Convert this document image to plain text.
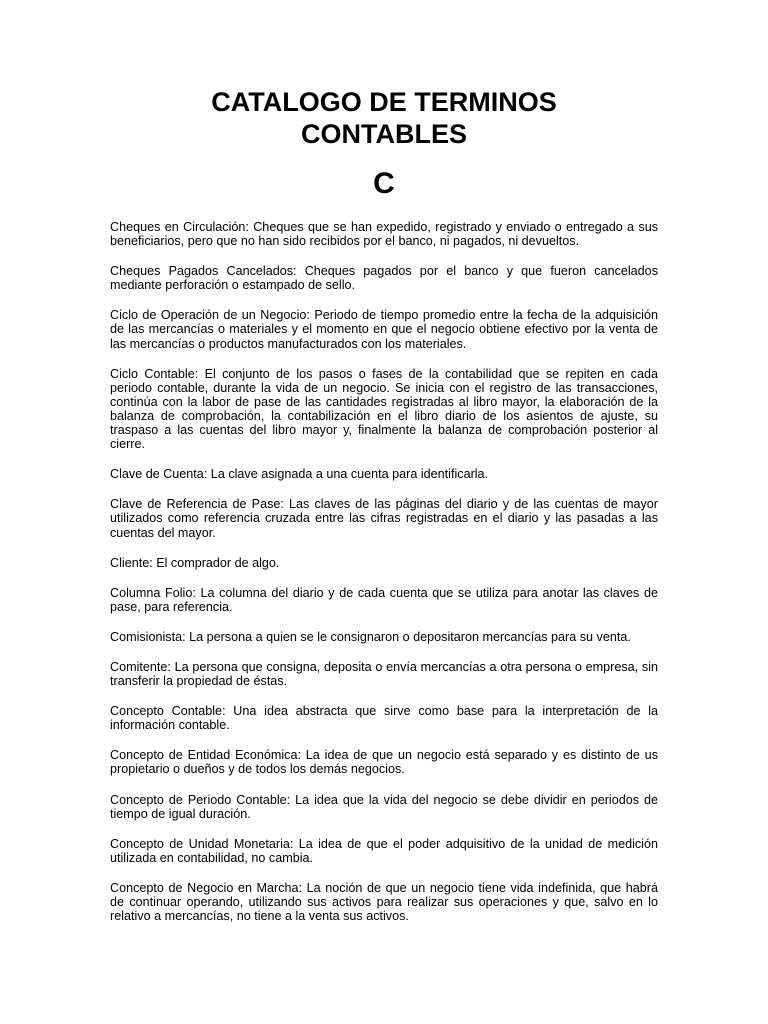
CATALOGO DE TERMINOS
CONTABLES
C

Cheques en Circulación: Cheques que se han expedido, registrado y enviado o entregado a sus beneficiarios, pero que no han sido recibidos por el banco, ni pagados, ni devueltos.

Cheques Pagados Cancelados: Cheques pagados por el banco y que fueron cancelados mediante perforación o estampado de sello.

Ciclo de Operación de un Negocio: Periodo de tiempo promedio entre la fecha de la adquisición de las mercancías o materiales y el momento en que el negocio obtiene efectivo por la venta de las mercancías o productos manufacturados con los materiales.

Ciclo Contable: El conjunto de los pasos o fases de la contabilidad que se repiten en cada periodo contable, durante la vida de un negocio. Se inicia con el registro de las transacciones, continúa con la labor de pase de las cantidades registradas al libro mayor, la elaboración de la balanza de comprobación, la contabilización en el libro diario de los asientos de ajuste, su traspaso a las cuentas del libro mayor y, finalmente la balanza de comprobación posterior al cierre.

Clave de Cuenta: La clave asignada a una cuenta para identificarla.

Clave de Referencia de Pase: Las claves de las páginas del diario y de las cuentas de mayor utilizados como referencia cruzada entre las cifras registradas en el diario y las pasadas a las cuentas del mayor.

Cliente: El comprador de algo.

Columna Folio: La columna del diario y de cada cuenta que se utiliza para anotar las claves de pase, para referencia.

Comisionista: La persona a quien se le consignaron o depositaron mercancías para su venta.

Comitente: La persona que consigna, deposita o envía mercancías a otra persona o empresa, sin transferir la propiedad de éstas.

Concepto Contable: Una idea abstracta que sirve como base para la interpretación de la información contable.

Concepto de Entidad Económica: La idea de que un negocio está separado y es distinto de us propietario o dueños y de todos los demás negocios.

Concepto de Periodo Contable: La idea que la vida del negocio se debe dividir en periodos de tiempo de igual duración.

Concepto de Unidad Monetaria: La idea de que el poder adquisitivo de la unidad de medición utilizada en contabilidad, no cambia.

Concepto de Negocio en Marcha: La noción de que un negocio tiene vida indefinida, que habrá de continuar operando, utilizando sus activos para realizar sus operaciones y que, salvo en lo relativo a mercancías, no tiene a la venta sus activos.
